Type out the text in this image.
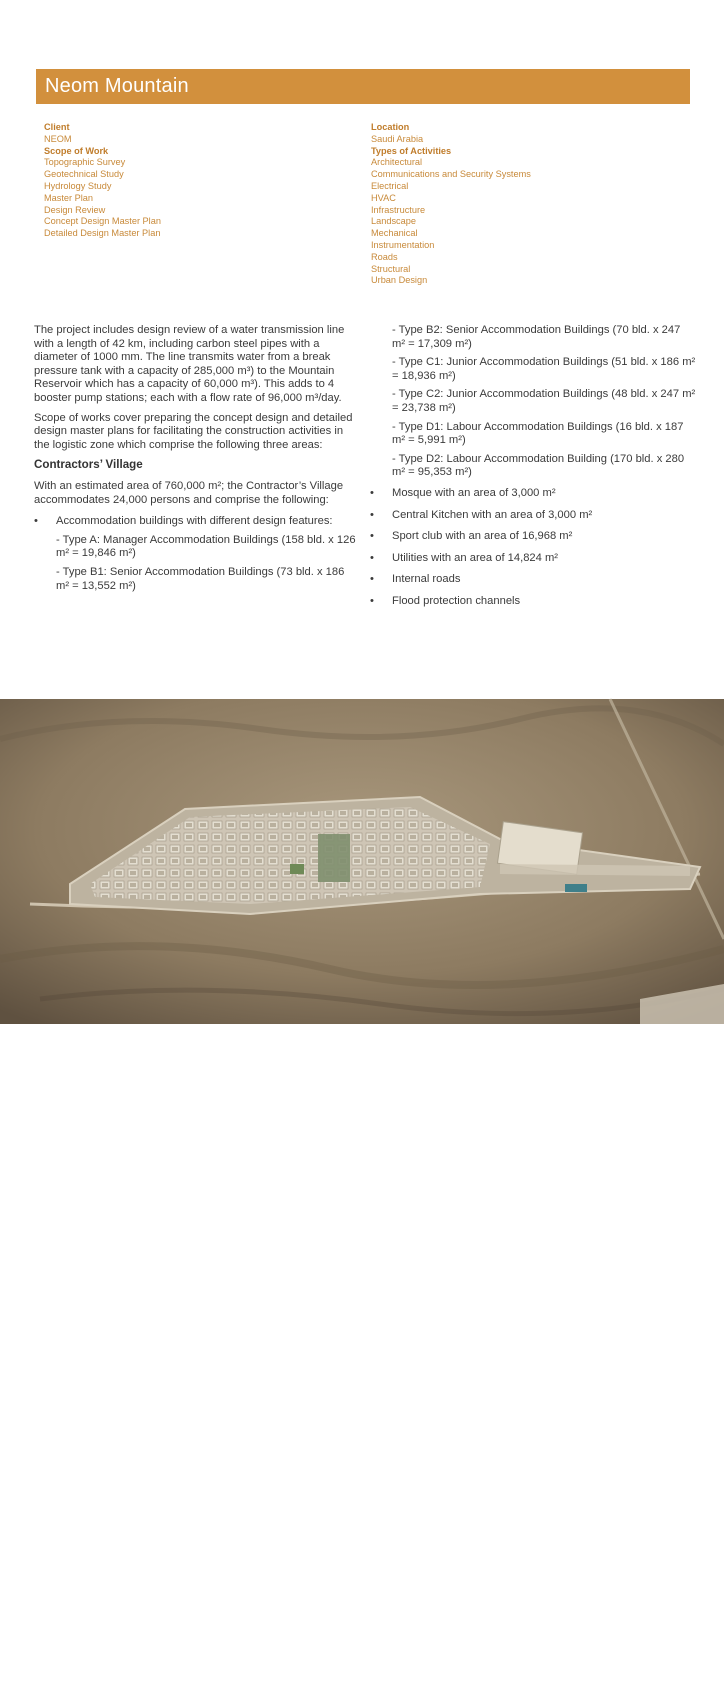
Neom Mountain
Client
NEOM
Scope of Work
Topographic Survey
Geotechnical Study
Hydrology Study
Master Plan
Design Review
Concept Design Master Plan
Detailed Design Master Plan
Location
Saudi Arabia
Types of Activities
Architectural
Communications and Security Systems
Electrical
HVAC
Infrastructure
Landscape
Mechanical
Instrumentation
Roads
Structural
Urban Design

The project includes design review of a water transmission line with a length of 42 km, including carbon steel pipes with a diameter of 1000 mm. The line transmits water from a break pressure tank with a capacity of 285,000 m³) to the Mountain Reservoir which has a capacity of 60,000 m³). This adds to 4 booster pump stations; each with a flow rate of 96,000 m³/day.

Scope of works cover preparing the concept design and detailed design master plans for facilitating the construction activities in the logistic zone which comprise the following three areas:

Contractors’ Village

With an estimated area of 760,000 m²; the Contractor’s Village accommodates 24,000 persons and comprise the following:

• Accommodation buildings with different design features:
- Type A: Manager Accommodation Buildings (158 bld. x 126 m² = 19,846 m²)
- Type B1: Senior Accommodation Buildings (73 bld. x 186 m² = 13,552 m²)
- Type B2: Senior Accommodation Buildings (70 bld. x 247 m² = 17,309 m²)
- Type C1: Junior Accommodation Buildings (51 bld. x 186 m² = 18,936 m²)
- Type C2: Junior Accommodation Buildings (48 bld. x 247 m² = 23,738 m²)
- Type D1: Labour Accommodation Buildings (16 bld. x 187 m² = 5,991 m²)
- Type D2: Labour Accommodation Building (170 bld. x 280 m² = 95,353 m²)
• Mosque with an area of 3,000 m²
• Central Kitchen with an area of 3,000 m²
• Sport club with an area of 16,968 m²
• Utilities with an area of 14,824 m²
• Internal roads
• Flood protection channels
Neom Mountain
